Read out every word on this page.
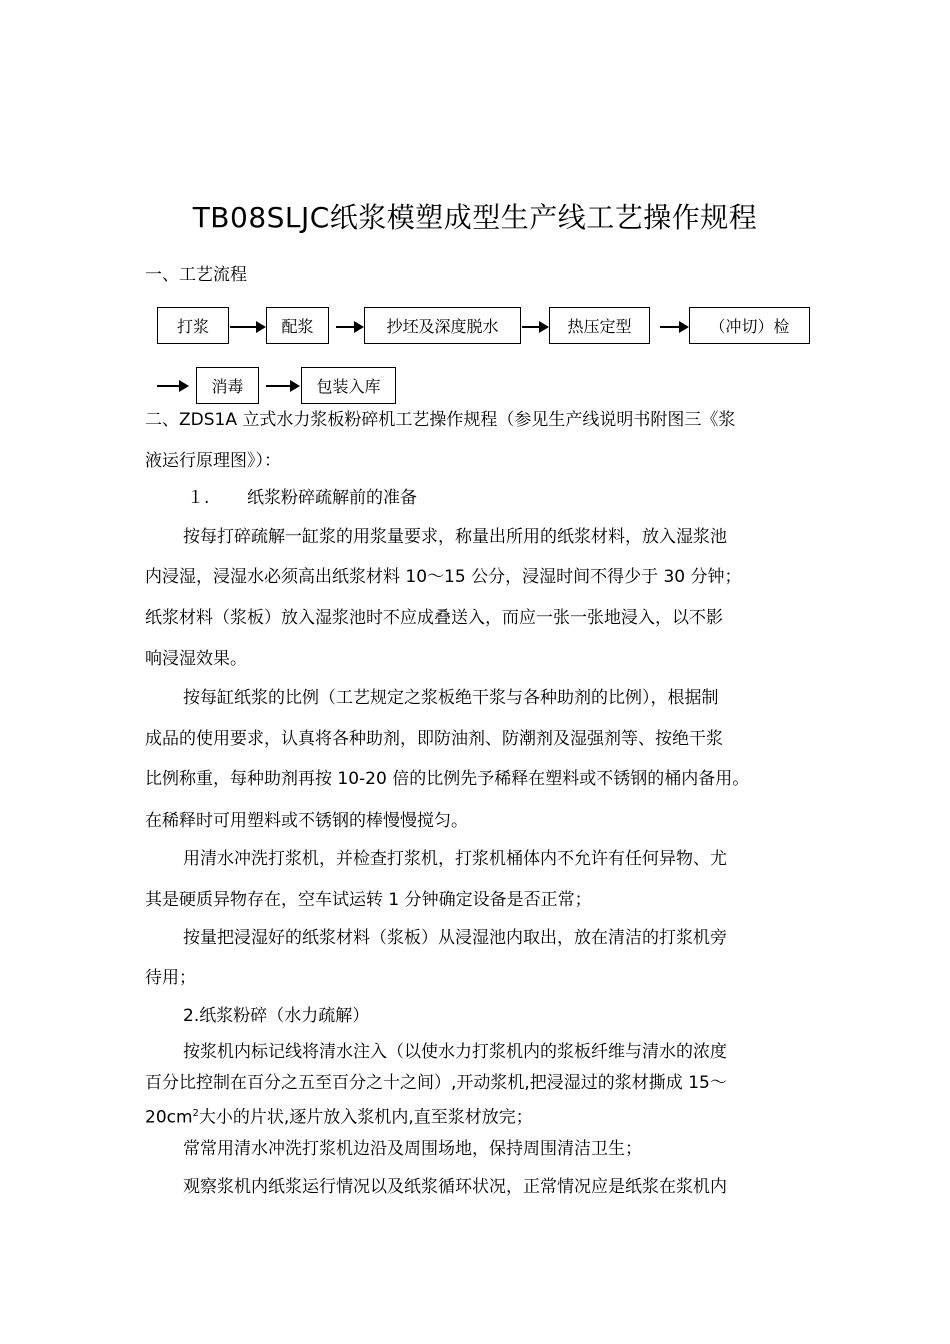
TB08SLJC纸浆模塑成型生产线工艺操作规程
一、工艺流程
打浆	配浆	抄坯及深度脱水	热压定型	（冲切）检
消毒	包装入库
二、ZDS1A 立式水力浆板粉碎机工艺操作规程（参见生产线说明书附图三《浆
液运行原理图》）：
１. 纸浆粉碎疏解前的准备
按每打碎疏解一缸浆的用浆量要求，称量出所用的纸浆材料，放入湿浆池
内浸湿，浸湿水必须高出纸浆材料 10～15 公分，浸湿时间不得少于 30 分钟；
纸浆材料（浆板）放入湿浆池时不应成叠送入，而应一张一张地浸入，以不影
响浸湿效果。
按每缸纸浆的比例（工艺规定之浆板绝干浆与各种助剂的比例），根据制
成品的使用要求，认真将各种助剂，即防油剂、防潮剂及湿强剂等、按绝干浆
比例称重，每种助剂再按 10-20 倍的比例先予稀释在塑料或不锈钢的桶内备用。
在稀释时可用塑料或不锈钢的棒慢慢搅匀。
用清水冲洗打浆机，并检查打浆机，打浆机桶体内不允许有任何异物、尤
其是硬质异物存在，空车试运转 1 分钟确定设备是否正常；
按量把浸湿好的纸浆材料（浆板）从浸湿池内取出，放在清洁的打浆机旁
待用；
2.纸浆粉碎（水力疏解）
按浆机内标记线将清水注入（以使水力打浆机内的浆板纤维与清水的浓度
百分比控制在百分之五至百分之十之间）,开动浆机,把浸湿过的浆材撕成 15～
$20cm^2$大小的片状,逐片放入浆机内,直至浆材放完；
常常用清水冲洗打浆机边沿及周围场地，保持周围清洁卫生；
观察浆机内纸浆运行情况以及纸浆循环状况，正常情况应是纸浆在浆机内
